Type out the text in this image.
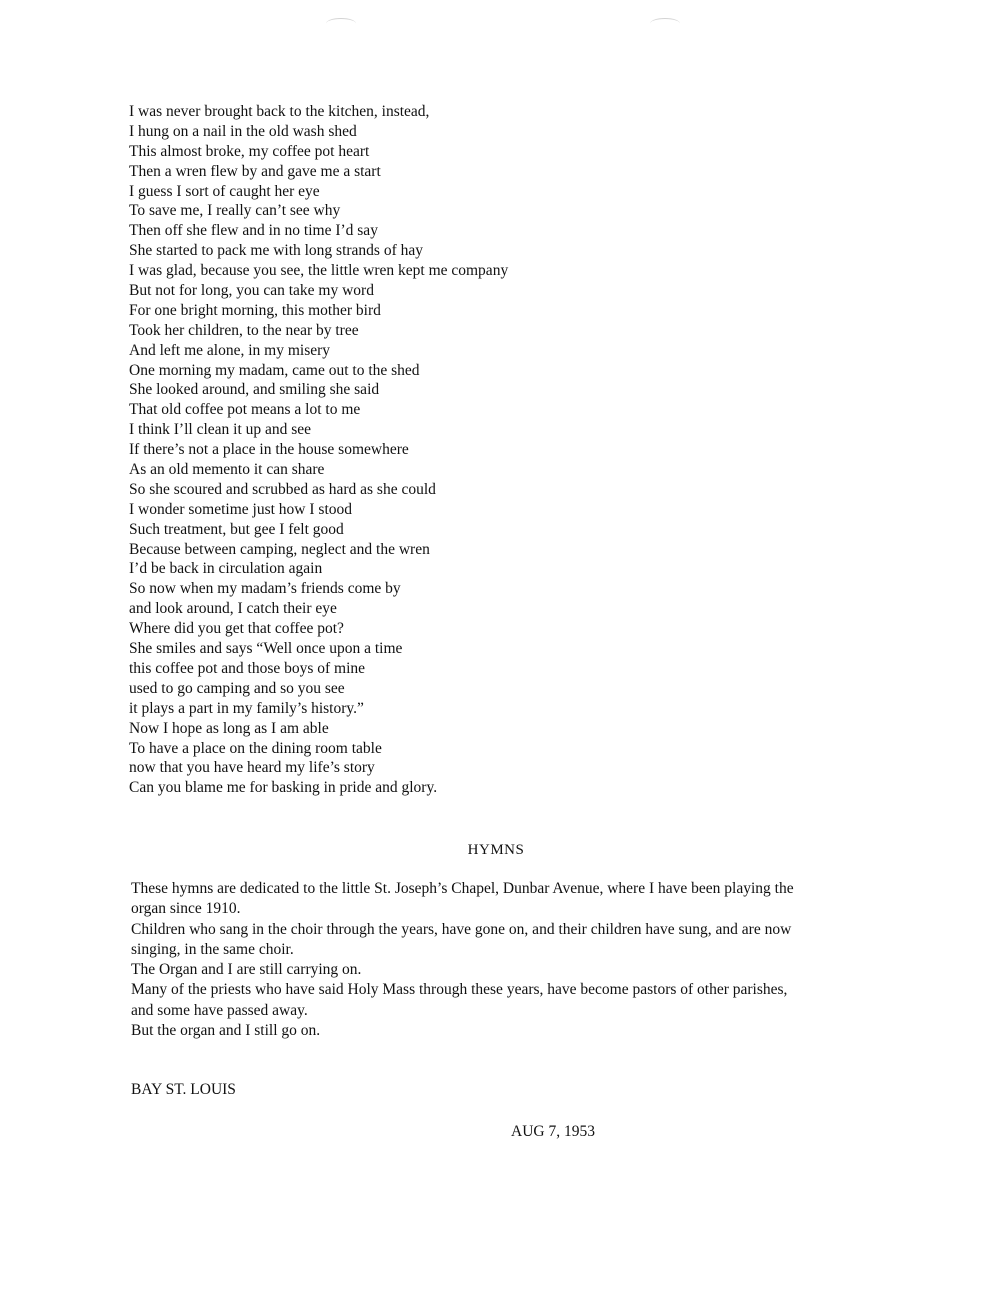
I was never brought back to the kitchen, instead,
I hung on a nail in the old wash shed
This almost broke, my coffee pot heart
Then a wren flew by and gave me a start
I guess I sort of caught her eye
To save me, I really can’t see why
Then off she flew and in no time I’d say
She started to pack me with long strands of hay
I was glad, because you see, the little wren kept me company
But not for long, you can take my word
For one bright morning, this mother bird
Took her children, to the near by tree
And left me alone, in my misery
One morning my madam, came out to the shed
She looked around, and smiling she said
That old coffee pot means a lot to me
I think I’ll clean it up and see
If there’s not a place in the house somewhere
As an old memento it can share
So she scoured and scrubbed as hard as she could
I wonder sometime just how I stood
Such treatment, but gee I felt good
Because between camping, neglect and the wren
I’d be back in circulation again
So now when my madam’s friends come by
and look around, I catch their eye
Where did you get that coffee pot?
She smiles and says “Well once upon a time
this coffee pot and those boys of mine
used to go camping and so you see
it plays a part in my family’s history.”
Now I hope as long as I am able
To have a place on the dining room table
now that you have heard my life’s story
Can you blame me for basking in pride and glory.
HYMNS
These hymns are dedicated to the little St. Joseph’s Chapel, Dunbar Avenue, where I have been playing the
organ since 1910.
Children who sang in the choir through the years, have gone on, and their children have sung, and are now
singing, in the same choir.
The Organ and I are still carrying on.
Many of the priests who have said Holy Mass through these years, have become pastors of other parishes,
and some have passed away.
But the organ and I still go on.
BAY ST. LOUIS
AUG 7, 1953
